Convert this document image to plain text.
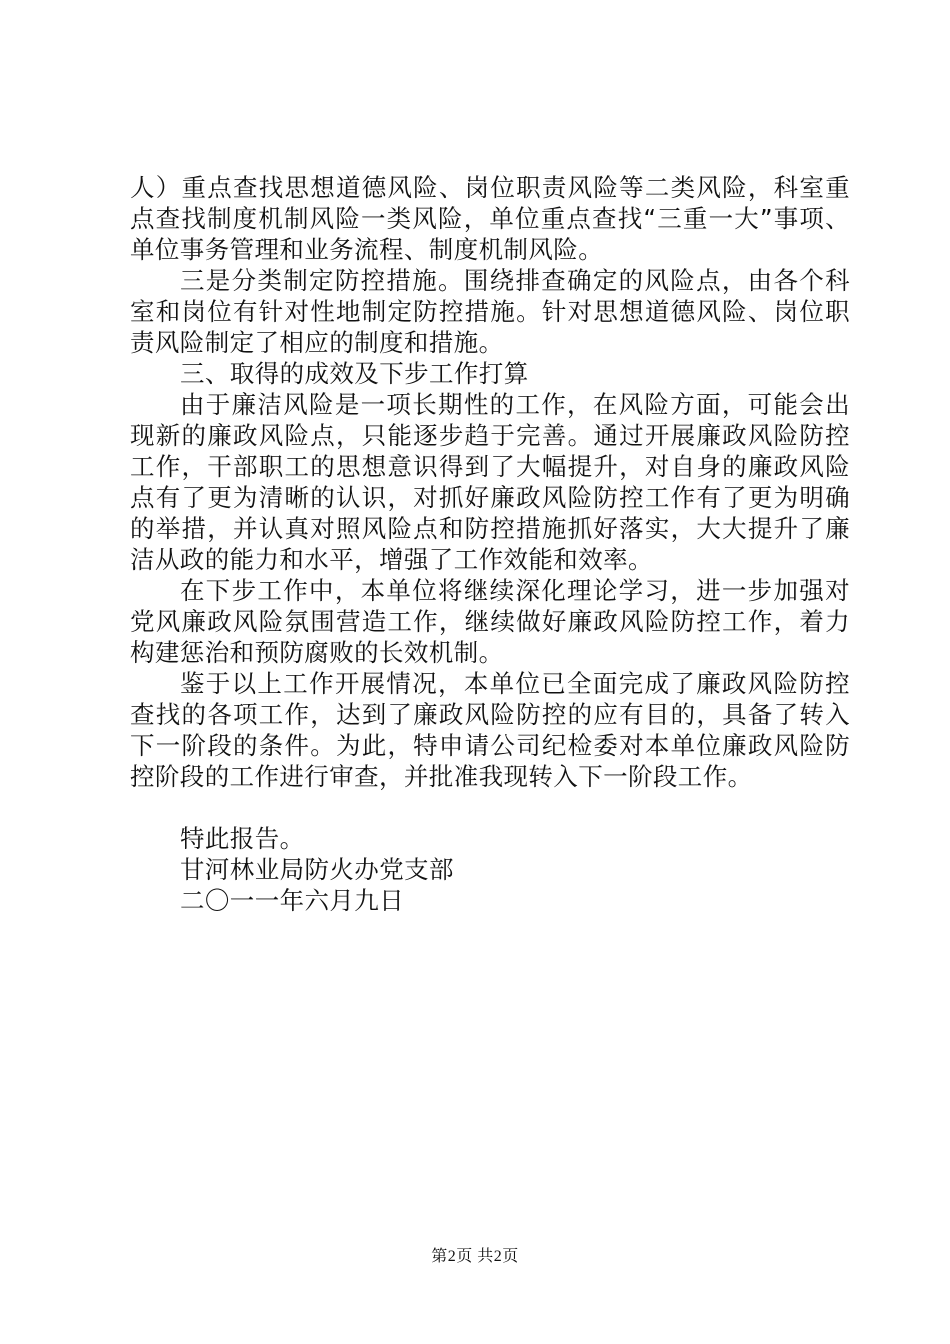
人）重点查找思想道德风险、岗位职责风险等二类风险，科室重点查找制度机制风险一类风险，单位重点查找“三重一大”事项、单位事务管理和业务流程、制度机制风险。

三是分类制定防控措施。围绕排查确定的风险点，由各个科室和岗位有针对性地制定防控措施。针对思想道德风险、岗位职责风险制定了相应的制度和措施。

三、取得的成效及下步工作打算

由于廉洁风险是一项长期性的工作，在风险方面，可能会出现新的廉政风险点，只能逐步趋于完善。通过开展廉政风险防控工作，干部职工的思想意识得到了大幅提升，对自身的廉政风险点有了更为清晰的认识，对抓好廉政风险防控工作有了更为明确的举措，并认真对照风险点和防控措施抓好落实，大大提升了廉洁从政的能力和水平，增强了工作效能和效率。

在下步工作中，本单位将继续深化理论学习，进一步加强对党风廉政风险氛围营造工作，继续做好廉政风险防控工作，着力构建惩治和预防腐败的长效机制。

鉴于以上工作开展情况，本单位已全面完成了廉政风险防控查找的各项工作，达到了廉政风险防控的应有目的，具备了转入下一阶段的条件。为此，特申请公司纪检委对本单位廉政风险防控阶段的工作进行审查，并批准我现转入下一阶段工作。

特此报告。

甘河林业局防火办党支部

二〇一一年六月九日

第2页 共2页
